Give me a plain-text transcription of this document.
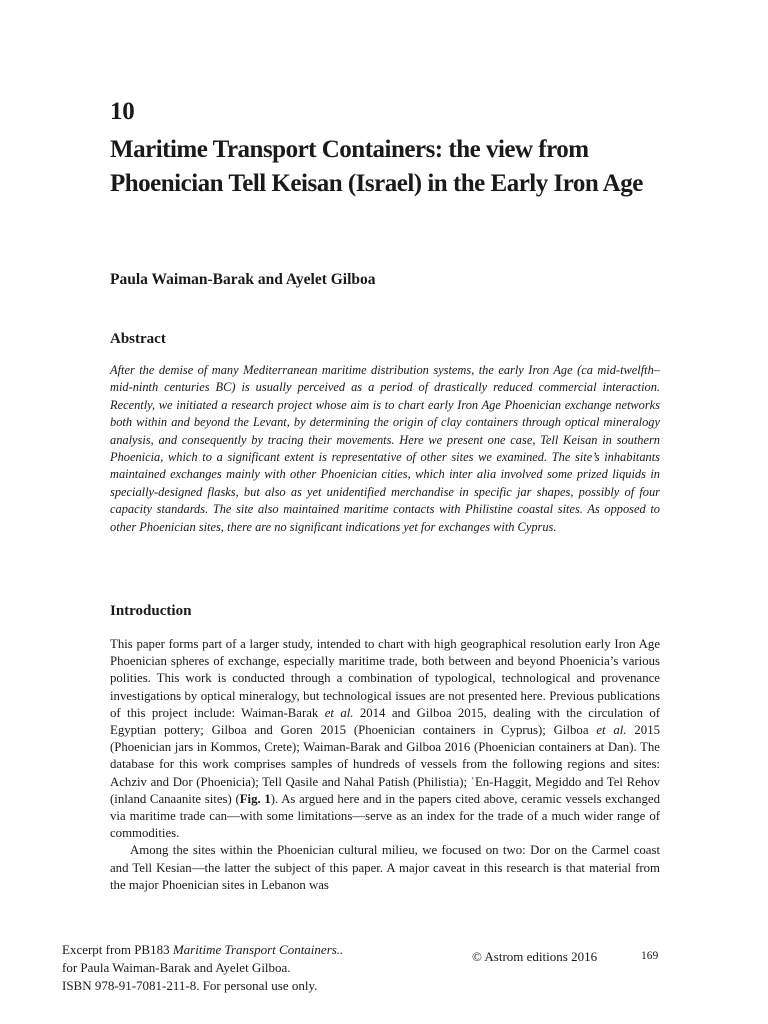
10
Maritime Transport Containers: the view from Phoenician Tell Keisan (Israel) in the Early Iron Age
Paula Waiman-Barak and Ayelet Gilboa
Abstract

After the demise of many Mediterranean maritime distribution systems, the early Iron Age (ca mid-twelfth–mid-ninth centuries BC) is usually perceived as a period of drastically reduced commercial interaction. Recently, we initiated a research project whose aim is to chart early Iron Age Phoenician exchange networks both within and beyond the Levant, by determining the origin of clay containers through optical mineralogy analysis, and consequently by tracing their movements. Here we present one case, Tell Keisan in southern Phoenicia, which to a significant extent is representative of other sites we examined. The site’s inhabitants maintained exchanges mainly with other Phoenician cities, which inter alia involved some prized liquids in specially-designed flasks, but also as yet unidentified merchandise in specific jar shapes, possibly of four capacity standards. The site also maintained maritime contacts with Philistine coastal sites. As opposed to other Phoenician sites, there are no significant indications yet for exchanges with Cyprus.

Introduction

This paper forms part of a larger study, intended to chart with high geographical resolution early Iron Age Phoenician spheres of exchange, especially maritime trade, both between and beyond Phoenicia’s various polities. This work is conducted through a combination of typological, technological and provenance investigations by optical mineralogy, but technological issues are not presented here. Previous publications of this project include: Waiman-Barak et al. 2014 and Gilboa 2015, dealing with the circulation of Egyptian pottery; Gilboa and Goren 2015 (Phoenician containers in Cyprus); Gilboa et al. 2015 (Phoenician jars in Kommos, Crete); Waiman-Barak and Gilboa 2016 (Phoenician containers at Dan). The database for this work comprises samples of hundreds of vessels from the following regions and sites: Achziv and Dor (Phoenicia); Tell Qasile and Nahal Patish (Philistia); ʿEn-Haggit, Megiddo and Tel Rehov (inland Canaanite sites) (Fig. 1). As argued here and in the papers cited above, ceramic vessels exchanged via maritime trade can—with some limitations—serve as an index for the trade of a much wider range of commodities.

Among the sites within the Phoenician cultural milieu, we focused on two: Dor on the Carmel coast and Tell Kesian—the latter the subject of this paper. A major caveat in this research is that material from the major Phoenician sites in Lebanon was

Excerpt from PB183 Maritime Transport Containers..
for Paula Waiman-Barak and Ayelet Gilboa.
ISBN 978-91-7081-211-8. For personal use only.
© Astrom editions 2016	169
